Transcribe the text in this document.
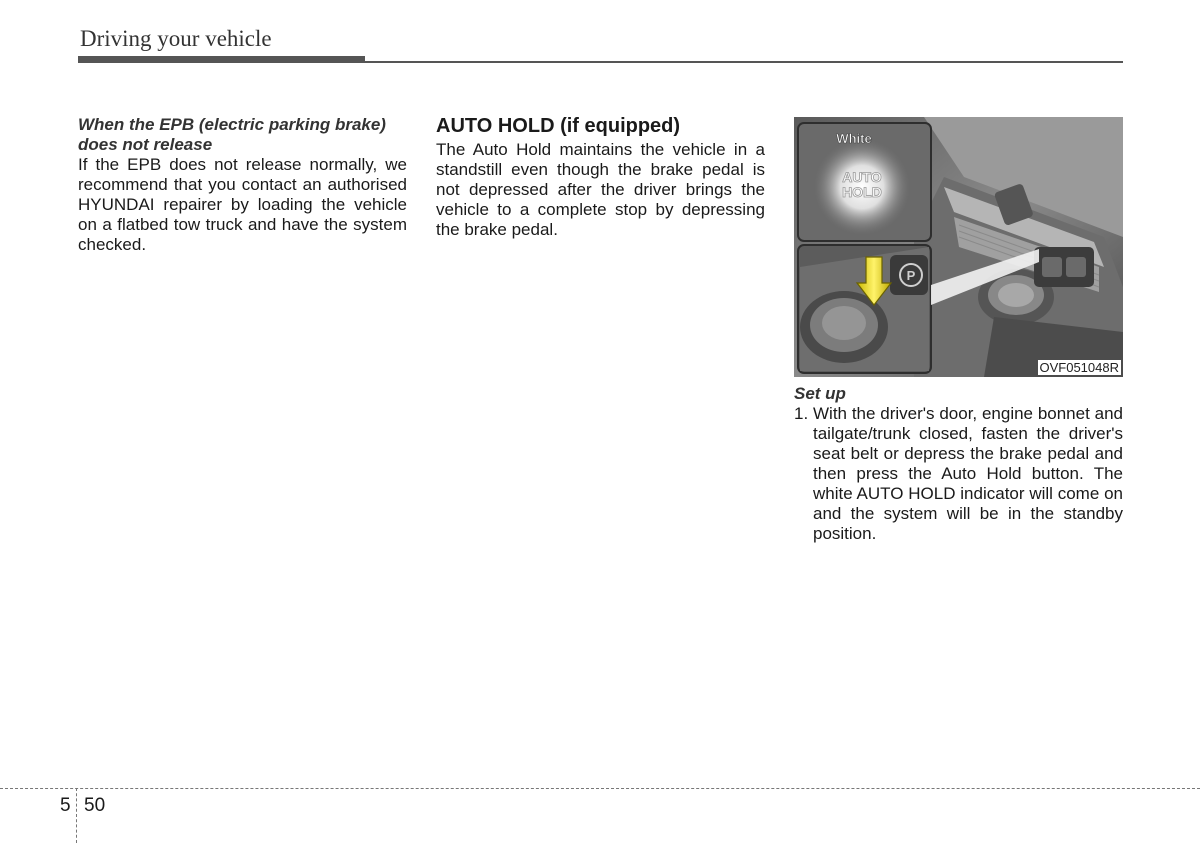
Driving your vehicle

When the EPB (electric parking brake) does not release

If the EPB does not release normally, we recommend that you contact an authorised HYUNDAI repairer by loading the vehicle on a flatbed tow truck and have the system checked.

AUTO HOLD (if equipped)

The Auto Hold maintains the vehicle in a standstill even though the brake pedal is not depressed after the driver brings the vehicle to a complete stop by depressing the brake pedal.

White
AUTO
HOLD
P
OVF051048R

Set up

1. With the driver's door, engine bonnet and tailgate/trunk closed, fasten the driver's seat belt or depress the brake pedal and then press the Auto Hold button. The white AUTO HOLD indicator will come on and the system will be in the standby position.
5 50
